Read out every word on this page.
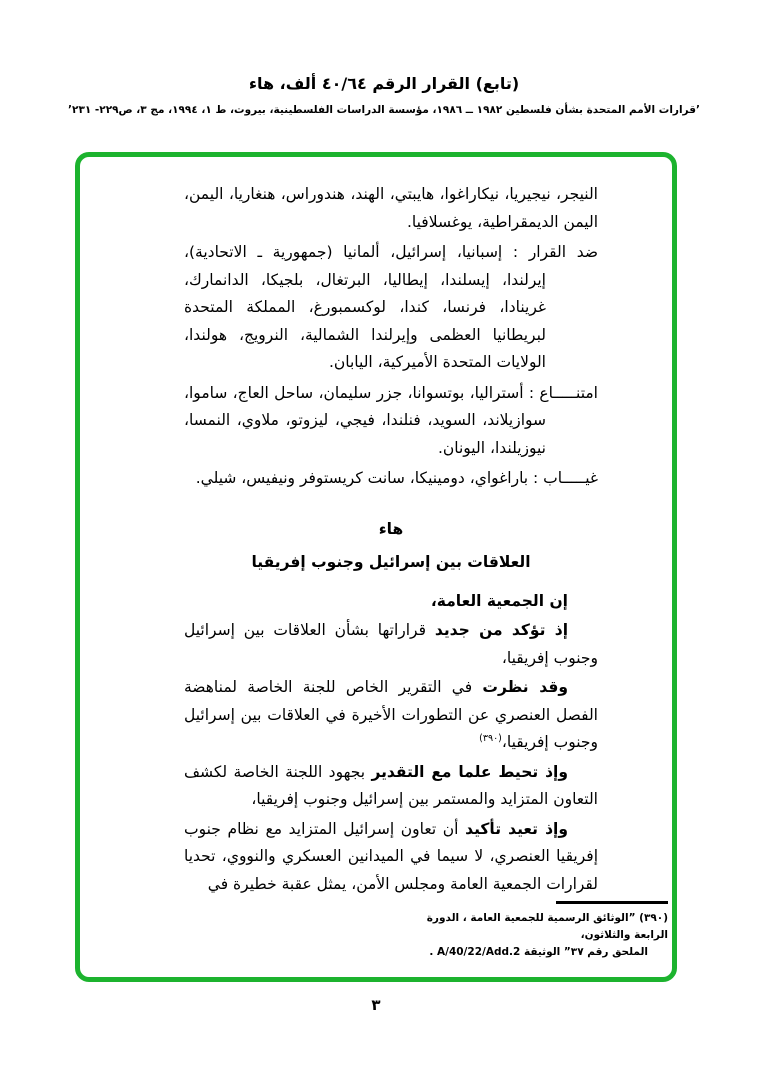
(تابع) القرار الرقم ٤٠/٦٤ ألف، هاء
’قرارات الأمم المتحدة بشأن فلسطين ١٩٨٢ ــ ١٩٨٦، مؤسسة الدراسات الفلسطينية، بيروت، ط ١، ١٩٩٤، مج ٣، ص٢٢٩- ٢٣١’

النيجر، نيجيريا، نيكاراغوا، هايبتي، الهند، هندوراس، هنغاريا، اليمن، اليمن الديمقراطية، يوغسلافيا.

ضد القرار : إسبانيا، إسرائيل، ألمانيا (جمهورية ـ الاتحادية)، إيرلندا، إيسلندا، إيطاليا، البرتغال، بلجيكا، الدانمارك، غرينادا، فرنسا، كندا، لوكسمبورغ، المملكة المتحدة لبريطانيا العظمى وإيرلندا الشمالية، النرويج، هولندا، الولايات المتحدة الأميركية، اليابان.

امتنـــــاع : أستراليا، بوتسوانا، جزر سليمان، ساحل العاج، ساموا، سوازيلاند، السويد، فنلندا، فيجي، ليزوتو، ملاوي، النمسا، نيوزيلندا، اليونان.

غيـــــاب : باراغواي، دومينيكا، سانت كريستوفر ونيفيس، شيلي.

هاء
العلاقات بين إسرائيل وجنوب إفريقيا

إن الجمعية العامة،

إذ تؤكد من جديد قراراتها بشأن العلاقات بين إسرائيل وجنوب إفريقيا،

وقد نظرت في التقرير الخاص للجنة الخاصة لمناهضة الفصل العنصري عن التطورات الأخيرة في العلاقات بين إسرائيل وجنوب إفريقيا،$^{(٣٩٠)}$

وإذ تحيط علما مع التقدير بجهود اللجنة الخاصة لكشف التعاون المتزايد والمستمر بين إسرائيل وجنوب إفريقيا،

وإذ تعيد تأكيد أن تعاون إسرائيل المتزايد مع نظام جنوب إفريقيا العنصري، لا سيما في الميدانين العسكري والنووي، تحديا لقرارات الجمعية العامة ومجلس الأمن، يمثل عقبة خطيرة في

(٣٩٠) ”الوثائق الرسمية للجمعية العامة ، الدورة الرابعة والثلاثون،
الملحق رقم ٣٧” الوثيقة A/40/22/Add.2 .
٣
